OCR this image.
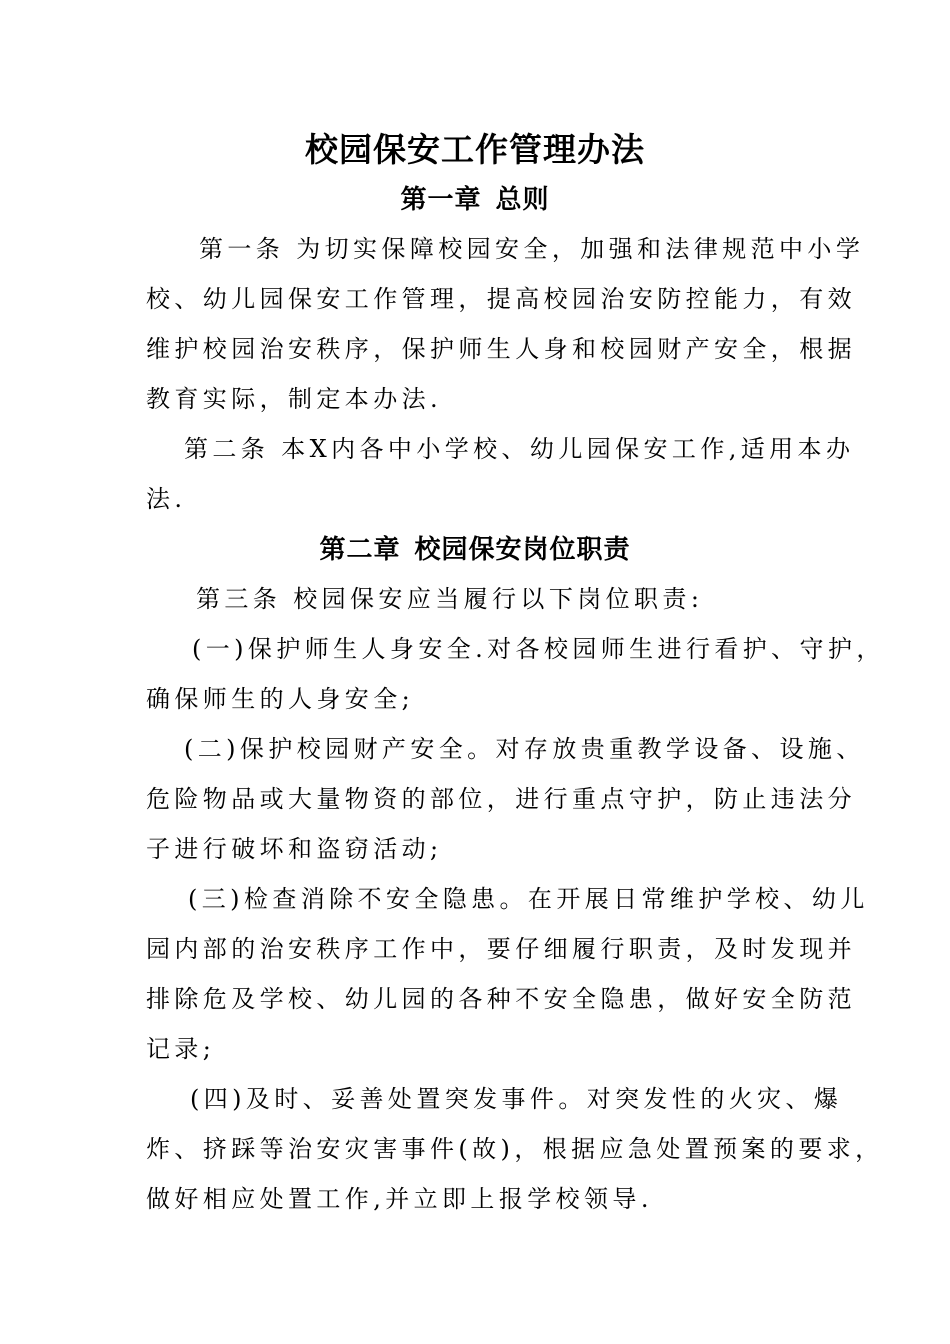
校园保安工作管理办法
第一章 总则

第一条 为切实保障校园安全，加强和法律规范中小学
校、幼儿园保安工作管理，提高校园治安防控能力，有效
维护校园治安秩序，保护师生人身和校园财产安全，根据
教育实际，制定本办法.

第二条 本X内各中小学校、幼儿园保安工作,适用本办
法.

第二章 校园保安岗位职责

第三条 校园保安应当履行以下岗位职责:

(一)保护师生人身安全.对各校园师生进行看护、守护，
确保师生的人身安全;

(二)保护校园财产安全。对存放贵重教学设备、设施、
危险物品或大量物资的部位，进行重点守护，防止违法分
子进行破坏和盗窃活动;

(三)检查消除不安全隐患。在开展日常维护学校、幼儿
园内部的治安秩序工作中，要仔细履行职责，及时发现并
排除危及学校、幼儿园的各种不安全隐患，做好安全防范
记录;

(四)及时、妥善处置突发事件。对突发性的火灾、爆
炸、挤踩等治安灾害事件(故)，根据应急处置预案的要求，
做好相应处置工作,并立即上报学校领导.
